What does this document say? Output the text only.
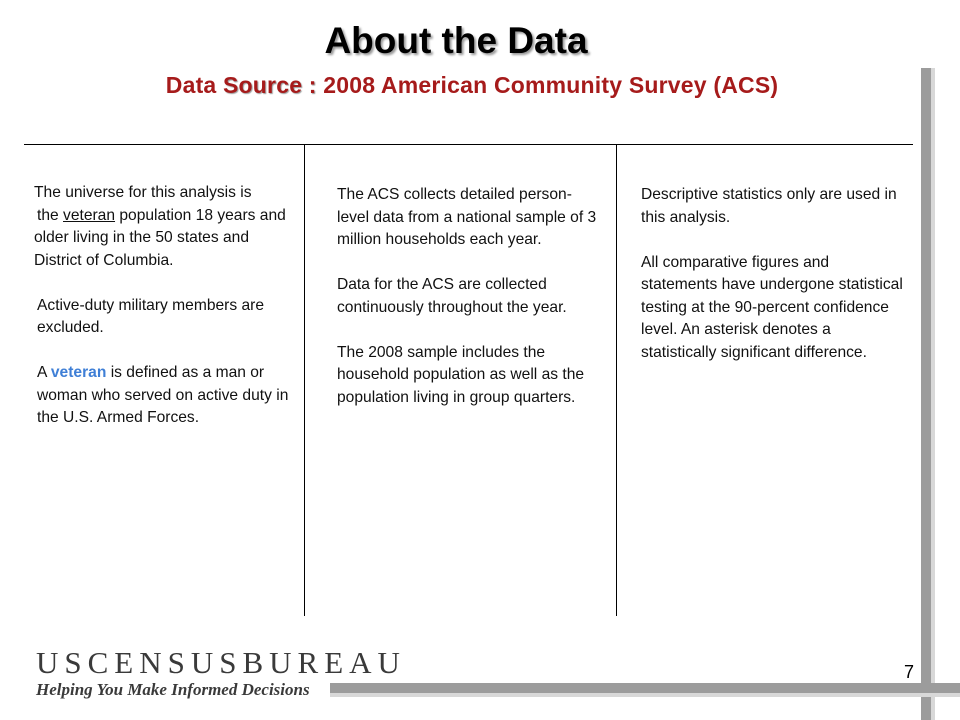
About the Data
Data Source : 2008 American Community Survey (ACS)

The universe for this analysis is
the veteran population 18 years and older living in the 50 states and District of Columbia.

Active-duty military members are excluded.

A veteran is defined as a man or woman who served on active duty in the U.S. Armed Forces.

The ACS collects detailed person-level data from a national sample of 3 million households each year.

Data for the ACS are collected continuously throughout the year.

The 2008 sample includes the household population as well as the population living in group quarters.

Descriptive statistics only are used in this analysis.

All comparative figures and statements have undergone statistical testing at the 90-percent confidence level. An asterisk denotes a statistically significant difference.

USCENSUSBUREAU
Helping You Make Informed Decisions
7
